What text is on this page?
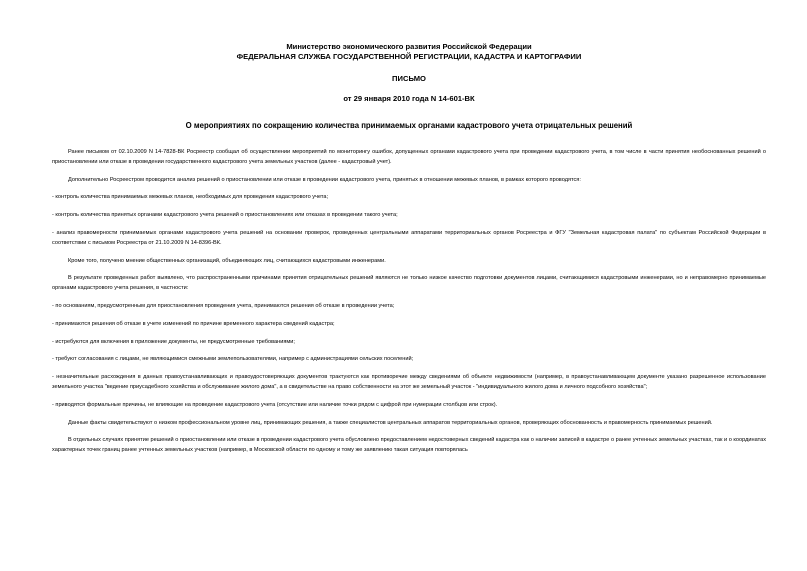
Министерство экономического развития Российской Федерации
ФЕДЕРАЛЬНАЯ СЛУЖБА ГОСУДАРСТВЕННОЙ РЕГИСТРАЦИИ, КАДАСТРА И КАРТОГРАФИИ
ПИСЬМО
от 29 января 2010 года N 14-601-ВК
О мероприятиях по сокращению количества принимаемых органами кадастрового учета отрицательных решений

Ранее письмом от 02.10.2009 N 14-7828-ВК Росреестр сообщал об осуществлении мероприятий по мониторингу ошибок, допущенных органами кадастрового учета при проведении кадастрового учета, в том числе в части принятия необоснованных решений о приостановлении или отказе в проведении государственного кадастрового учета земельных участков (далее - кадастровый учет).

Дополнительно Росреестром проводится анализ решений о приостановлении или отказе в проведении кадастрового учета, принятых в отношении межевых планов, в рамках которого проводятся:

- контроль количества принимаемых межевых планов, необходимых для проведения кадастрового учета;

- контроль количества принятых органами кадастрового учета решений о приостановлениях или отказах в проведении такого учета;

- анализ правомерности принимаемых органами кадастрового учета решений на основании проверок, проведенных центральными аппаратами территориальных органов Росреестра и ФГУ "Земельная кадастровая палата" по субъектам Российской Федерации в соответствии с письмом Росреестра от 21.10.2009 N 14-8396-ВК.

Кроме того, получено мнение общественных организаций, объединяющих лиц, считающихся кадастровыми инженерами.

В результате проведенных работ выявлено, что распространенными причинами принятия отрицательных решений являются не только низкое качество подготовки документов лицами, считающимися кадастровыми инженерами, но и неправомерно принимаемые органами кадастрового учета решения, в частности:

- по основаниям, предусмотренным для приостановления проведения учета, принимаются решения об отказе в проведении учета;

- принимаются решения об отказе в учете изменений по причине временного характера сведений кадастра;

- истребуются для включения в приложение документы, не предусмотренные требованиями;

- требуют согласования с лицами, не являющимися смежными землепользователями, например с администрациями сельских поселений;

- незначительные расхождения в данных правоустанавливающих и правоудостоверяющих документов трактуются как противоречие между сведениями об объекте недвижимости (например, в правоустанавливающем документе указано разрешенное использование земельного участка "ведение приусадебного хозяйства и обслуживание жилого дома", а в свидетельстве на право собственности на этот же земельный участок - "индивидуального жилого дома и личного подсобного хозяйства";

- приводятся формальные причины, не влияющие на проведение кадастрового учета (отсутствие или наличие точки рядом с цифрой при нумерации столбцов или строк).

Данные факты свидетельствуют о низком профессиональном уровне лиц, принимающих решения, а также специалистов центральных аппаратов территориальных органов, проверяющих обоснованность и правомерность принимаемых решений.

В отдельных случаях принятие решений о приостановлении или отказе в проведении кадастрового учета обусловлено предоставлением недостоверных сведений кадастра как о наличии записей в кадастре о ранее учтенных земельных участках, так и о координатах характерных точек границ ранее учтенных земельных участков (например, в Московской области по одному и тому же заявлению такая ситуация повторялась
